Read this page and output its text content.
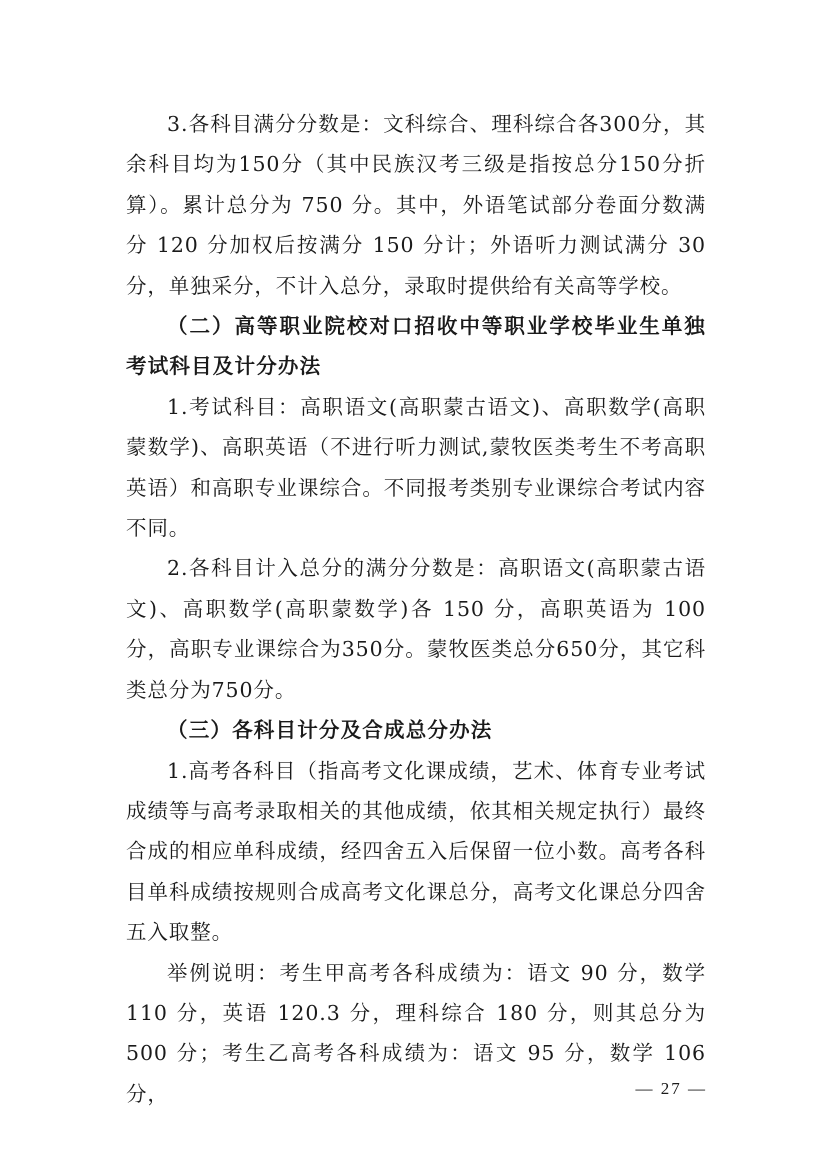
3.各科目满分分数是：文科综合、理科综合各300分，其余科目均为150分（其中民族汉考三级是指按总分150分折算）。累计总分为 750 分。其中，外语笔试部分卷面分数满分 120 分加权后按满分 150 分计；外语听力测试满分 30 分，单独采分，不计入总分，录取时提供给有关高等学校。

（二）高等职业院校对口招收中等职业学校毕业生单独考试科目及计分办法

1.考试科目：高职语文(高职蒙古语文)、高职数学(高职蒙数学)、高职英语（不进行听力测试,蒙牧医类考生不考高职英语）和高职专业课综合。不同报考类别专业课综合考试内容不同。

2.各科目计入总分的满分分数是：高职语文(高职蒙古语文)、高职数学(高职蒙数学)各 150 分，高职英语为 100 分，高职专业课综合为350分。蒙牧医类总分650分，其它科类总分为750分。

（三）各科目计分及合成总分办法

1.高考各科目（指高考文化课成绩，艺术、体育专业考试成绩等与高考录取相关的其他成绩，依其相关规定执行）最终合成的相应单科成绩，经四舍五入后保留一位小数。高考各科目单科成绩按规则合成高考文化课总分，高考文化课总分四舍五入取整。

举例说明：考生甲高考各科成绩为：语文 90 分，数学 110 分，英语 120.3 分，理科综合 180 分，则其总分为 500 分；考生乙高考各科成绩为：语文 95 分，数学 106 分，	— 27 —
